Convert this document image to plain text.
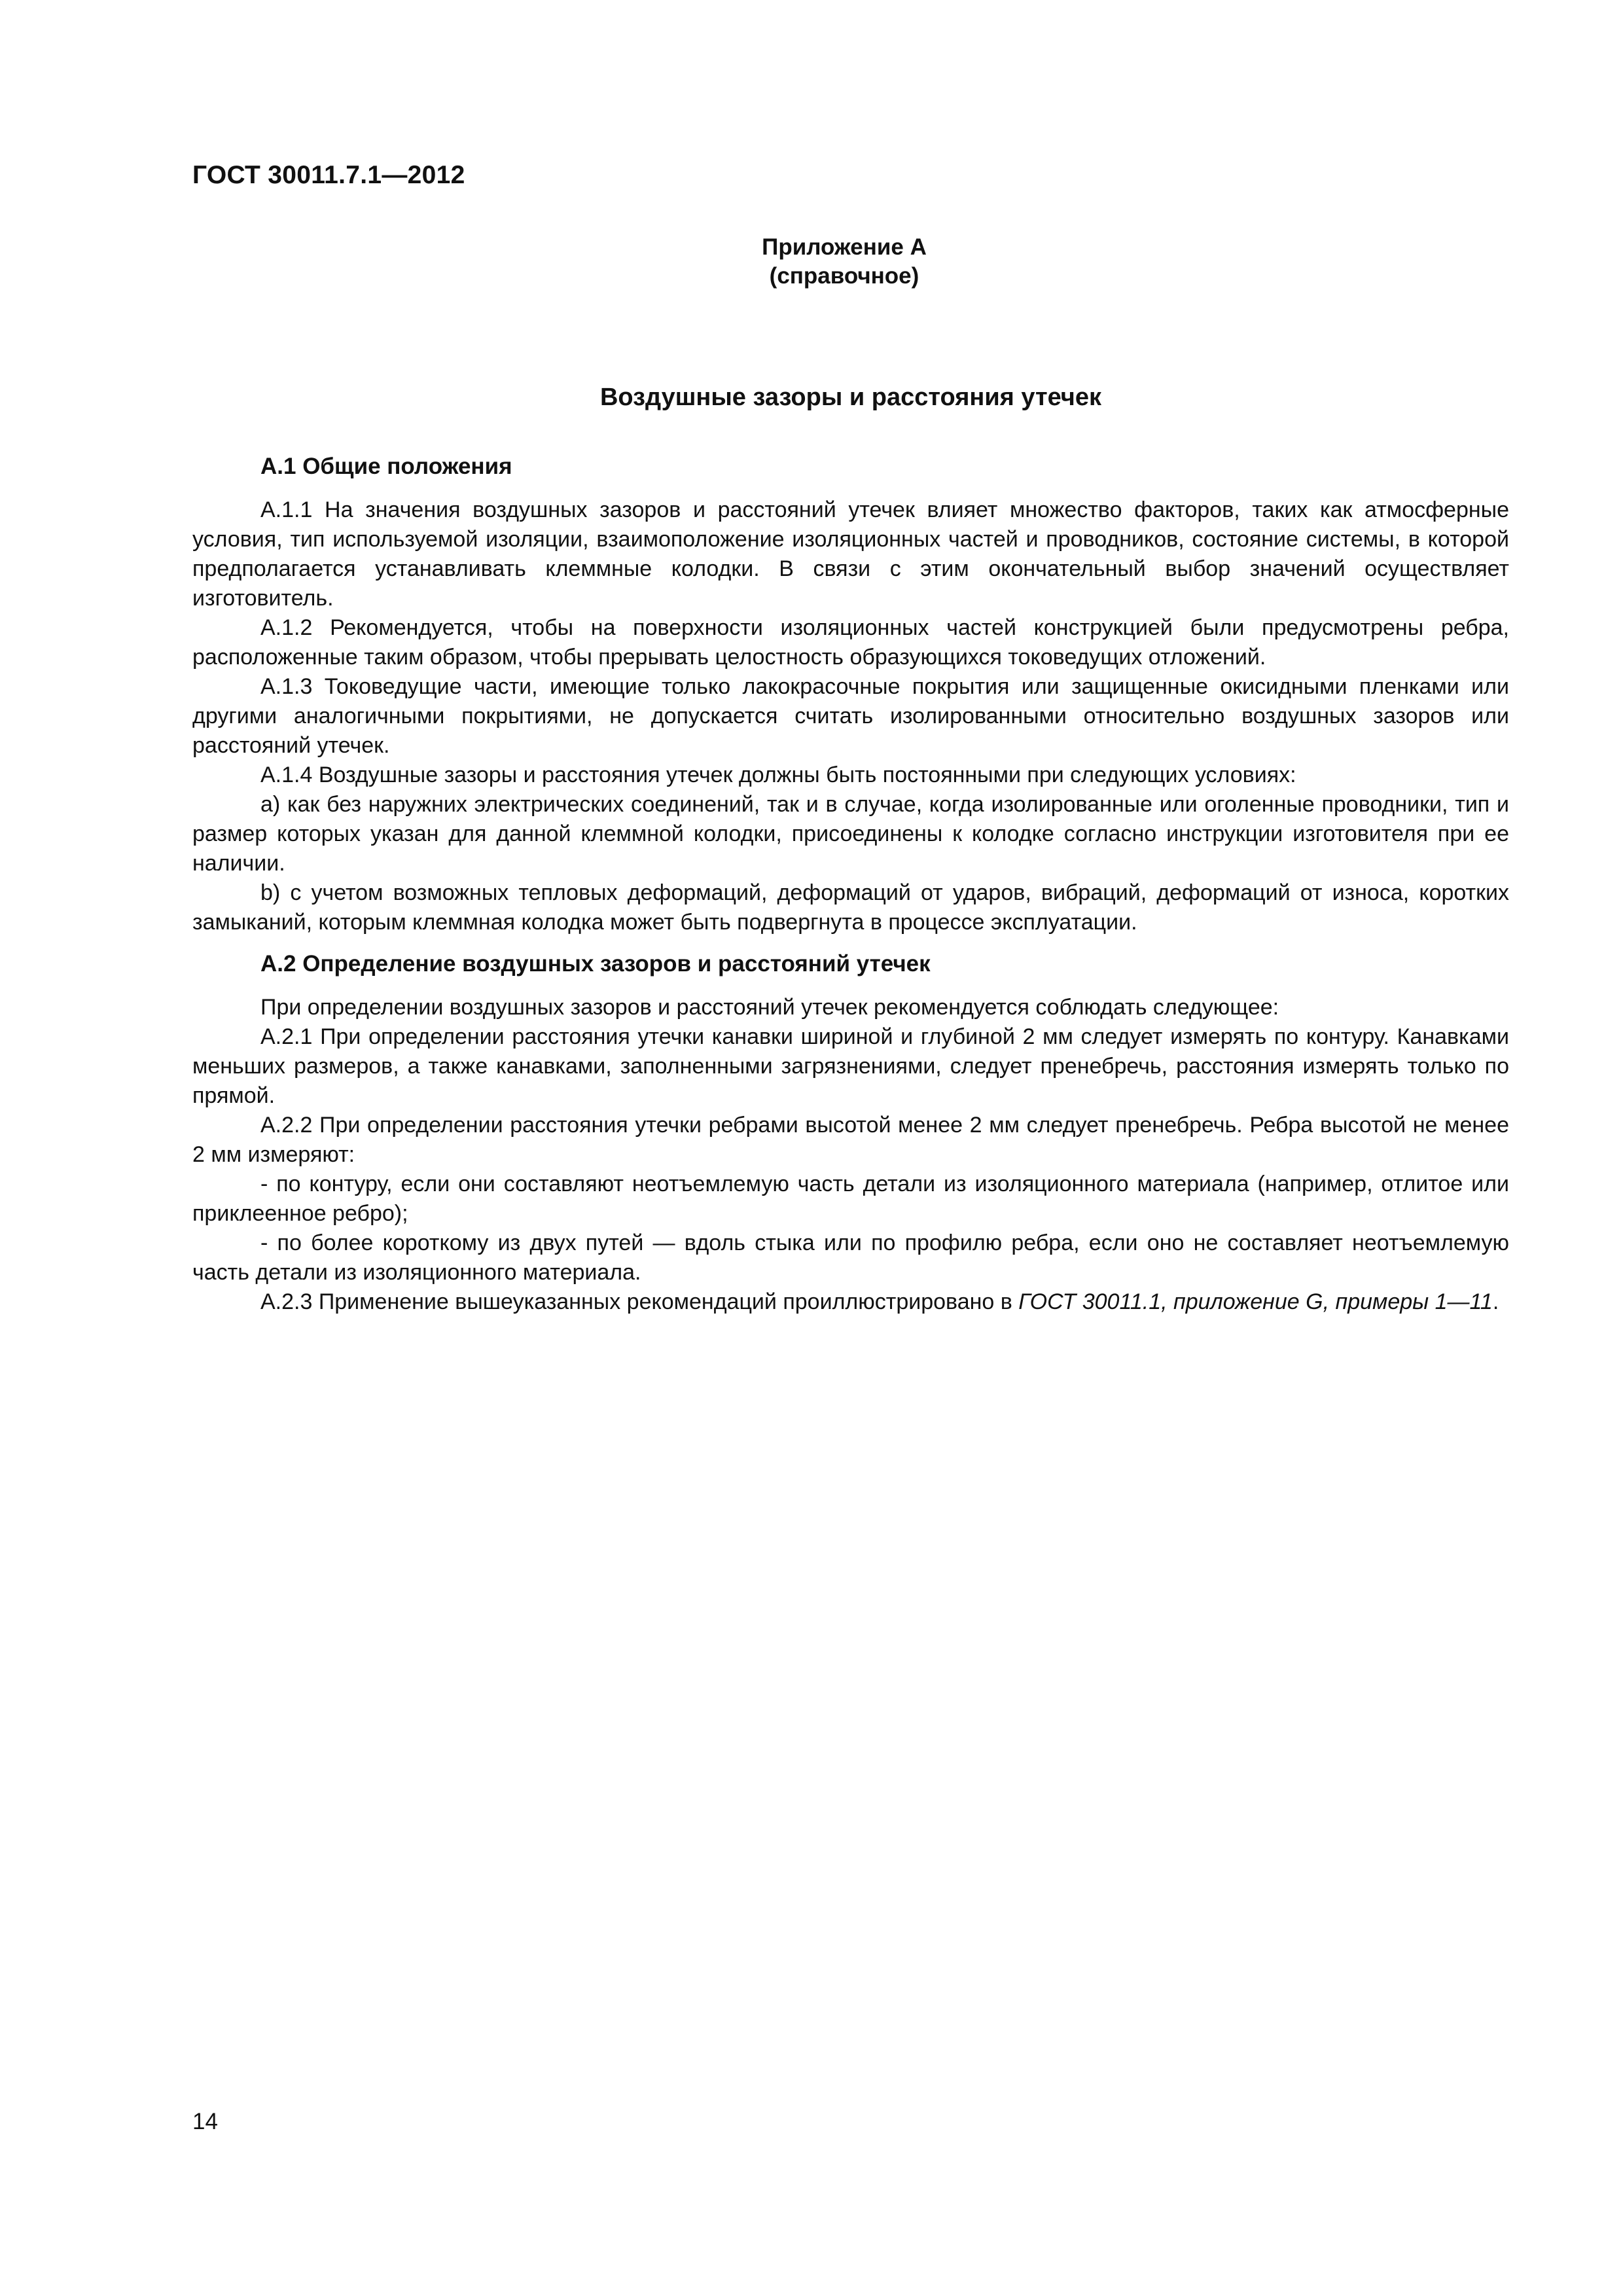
ГОСТ 30011.7.1—2012
Приложение А
(справочное)
Воздушные зазоры и расстояния утечек
А.1 Общие положения

А.1.1 На значения воздушных зазоров и расстояний утечек влияет множество факторов, таких как атмосферные условия, тип используемой изоляции, взаимоположение изоляционных частей и проводников, состояние системы, в которой предполагается устанавливать клеммные колодки. В связи с этим окончательный выбор значений осуществляет изготовитель.

А.1.2 Рекомендуется, чтобы на поверхности изоляционных частей конструкцией были предусмотрены ребра, расположенные таким образом, чтобы прерывать целостность образующихся токоведущих отложений.

А.1.3 Токоведущие части, имеющие только лакокрасочные покрытия или защищенные окисидными пленками или другими аналогичными покрытиями, не допускается считать изолированными относительно воздушных зазоров или расстояний утечек.

А.1.4 Воздушные зазоры и расстояния утечек должны быть постоянными при следующих условиях:

а) как без наружних электрических соединений, так и в случае, когда изолированные или оголенные проводники, тип и размер которых указан для данной клеммной колодки, присоединены к колодке согласно инструкции изготовителя при ее наличии.

b) с учетом возможных тепловых деформаций, деформаций от ударов, вибраций, деформаций от износа, коротких замыканий, которым клеммная колодка может быть подвергнута в процессе эксплуатации.

А.2 Определение воздушных зазоров и расстояний утечек

При определении воздушных зазоров и расстояний утечек рекомендуется соблюдать следующее:

А.2.1 При определении расстояния утечки канавки шириной и глубиной 2 мм следует измерять по контуру. Канавками меньших размеров, а также канавками, заполненными загрязнениями, следует пренебречь, расстояния измерять только по прямой.

А.2.2 При определении расстояния утечки ребрами высотой менее 2 мм следует пренебречь. Ребра высотой не менее 2 мм измеряют:

- по контуру, если они составляют неотъемлемую часть детали из изоляционного материала (например, отлитое или приклеенное ребро);

- по более короткому из двух путей — вдоль стыка или по профилю ребра, если оно не составляет неотъемлемую часть детали из изоляционного материала.

А.2.3 Применение вышеуказанных рекомендаций проиллюстрировано в ГОСТ 30011.1, приложение G, примеры 1—11.

14
